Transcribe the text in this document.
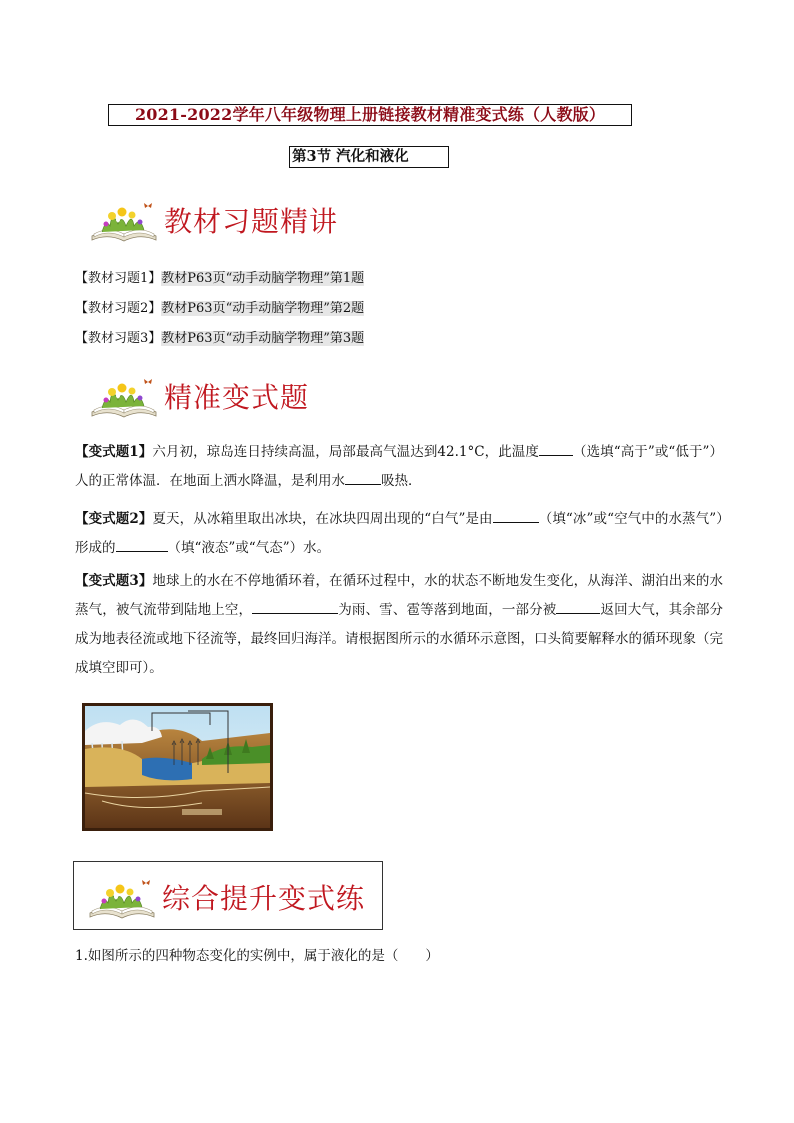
2021-2022学年八年级物理上册链接教材精准变式练（人教版）
第3节 汽化和液化
教材习题精讲
【教材习题1】教材P63页“动手动脑学物理”第1题
【教材习题2】教材P63页“动手动脑学物理”第2题
【教材习题3】教材P63页“动手动脑学物理”第3题
精准变式题
【变式题1】六月初，琼岛连日持续高温，局部最高气温达到42.1°C，此温度	（选填“高于”或“低于”）人的正常体温．在地面上洒水降温，是利用水	吸热．
【变式题2】夏天，从冰箱里取出冰块，在冰块四周出现的“白气”是由	（填“冰”或“空气中的水蒸气”）形成的	（填“液态”或“气态”）水。
【变式题3】地球上的水在不停地循环着，在循环过程中，水的状态不断地发生变化，从海洋、湖泊出来的水蒸气，被气流带到陆地上空，	为雨、雪、雹等落到地面，一部分被	返回大气，其余部分成为地表径流或地下径流等，最终回归海洋。请根据图所示的水循环示意图，口头简要解释水的循环现象（完成填空即可）。
综合提升变式练
1.如图所示的四种物态变化的实例中，属于液化的是（　　）
